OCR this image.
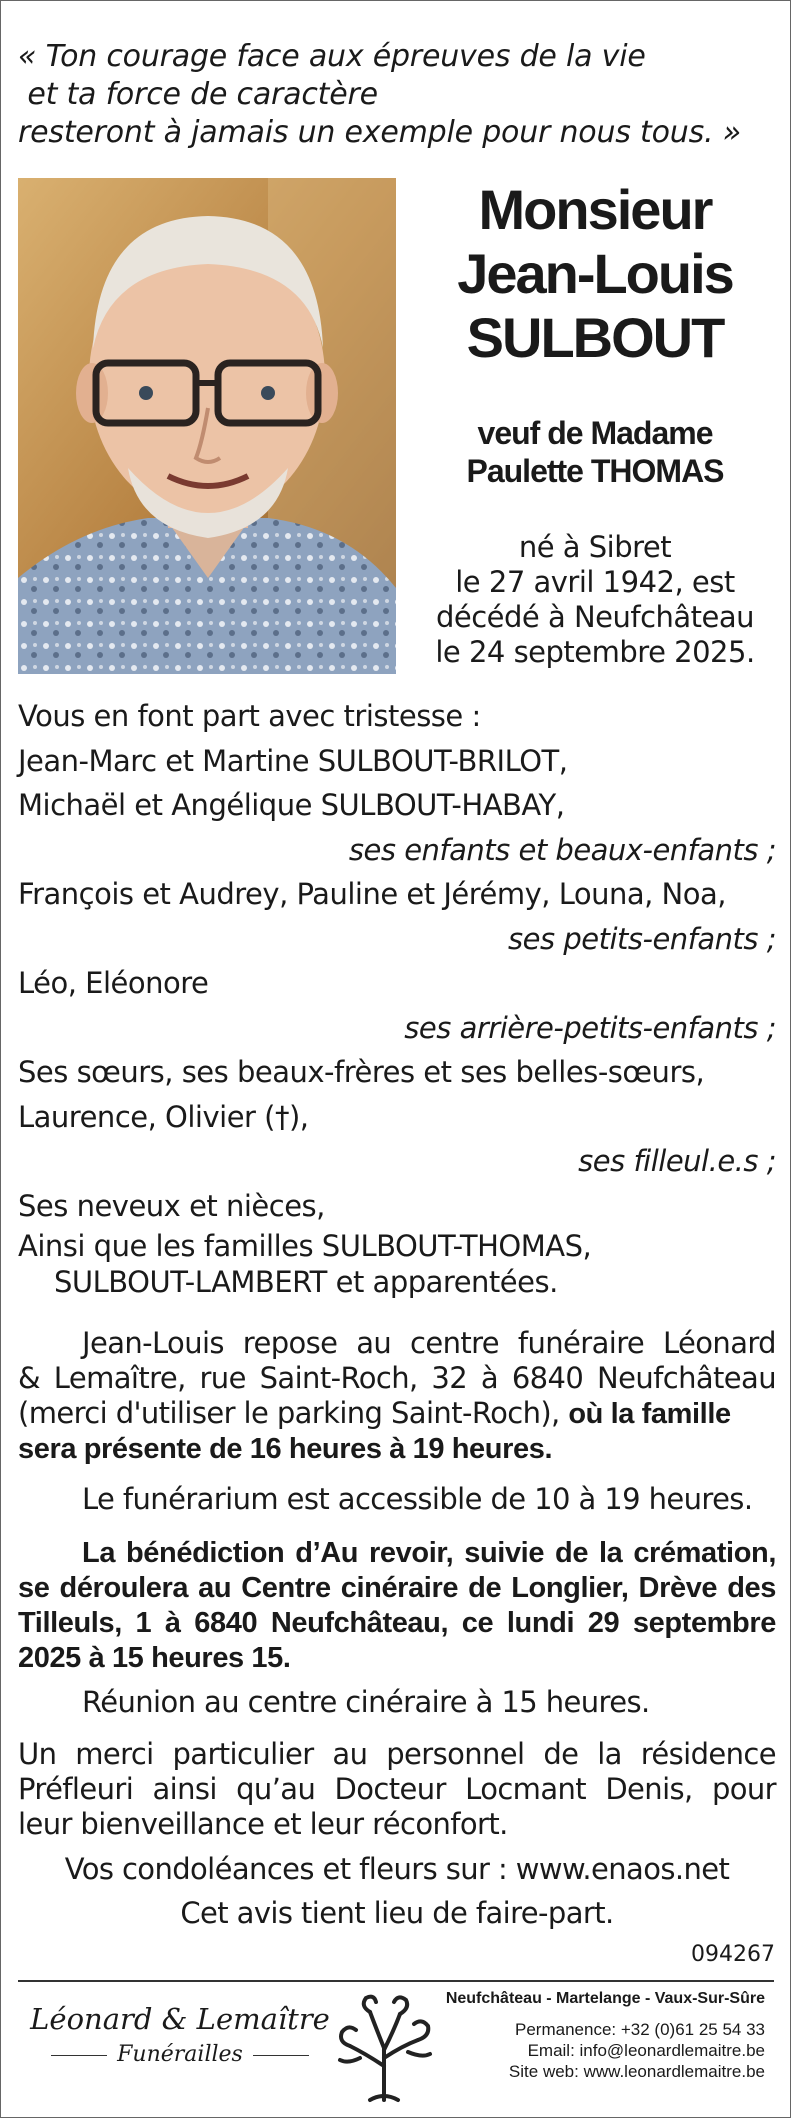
« Ton courage face aux épreuves de la vie
et ta force de caractère
resteront à jamais un exemple pour nous tous. »
Monsieur
Jean-Louis
SULBOUT
veuf de Madame
Paulette THOMAS
né à Sibret
le 27 avril 1942, est
décédé à Neufchâteau
le 24 septembre 2025.
Vous en font part avec tristesse :
Jean-Marc et Martine SULBOUT-BRILOT,
Michaël et Angélique SULBOUT-HABAY,
ses enfants et beaux-enfants ;
François et Audrey, Pauline et Jérémy, Louna, Noa,
ses petits-enfants ;
Léo, Eléonore
ses arrière-petits-enfants ;
Ses sœurs, ses beaux-frères et ses belles-sœurs,
Laurence, Olivier (†),
ses filleul.e.s ;
Ses neveux et nièces,
Ainsi que les familles SULBOUT-THOMAS,
SULBOUT-LAMBERT et apparentées.
Jean-Louis repose au centre funéraire Léonard
& Lemaître, rue Saint-Roch, 32 à 6840 Neufchâteau
(merci d'utiliser le parking Saint-Roch), où la famille
sera présente de 16 heures à 19 heures.
Le funérarium est accessible de 10 à 19 heures.
La bénédiction d’Au revoir, suivie de la crémation,
se déroulera au Centre cinéraire de Longlier, Drève des
Tilleuls, 1 à 6840 Neufchâteau, ce lundi 29 septembre
2025 à 15 heures 15.
Réunion au centre cinéraire à 15 heures.
Un merci particulier au personnel de la résidence
Préfleuri ainsi qu’au Docteur Locmant Denis, pour
leur bienveillance et leur réconfort.
Vos condoléances et fleurs sur : www.enaos.net
Cet avis tient lieu de faire-part.
094267
Léonard & Lemaître
Funérailles
Neufchâteau - Martelange - Vaux-Sur-Sûre
Permanence: +32 (0)61 25 54 33
Email: info@leonardlemaitre.be
Site web: www.leonardlemaitre.be
